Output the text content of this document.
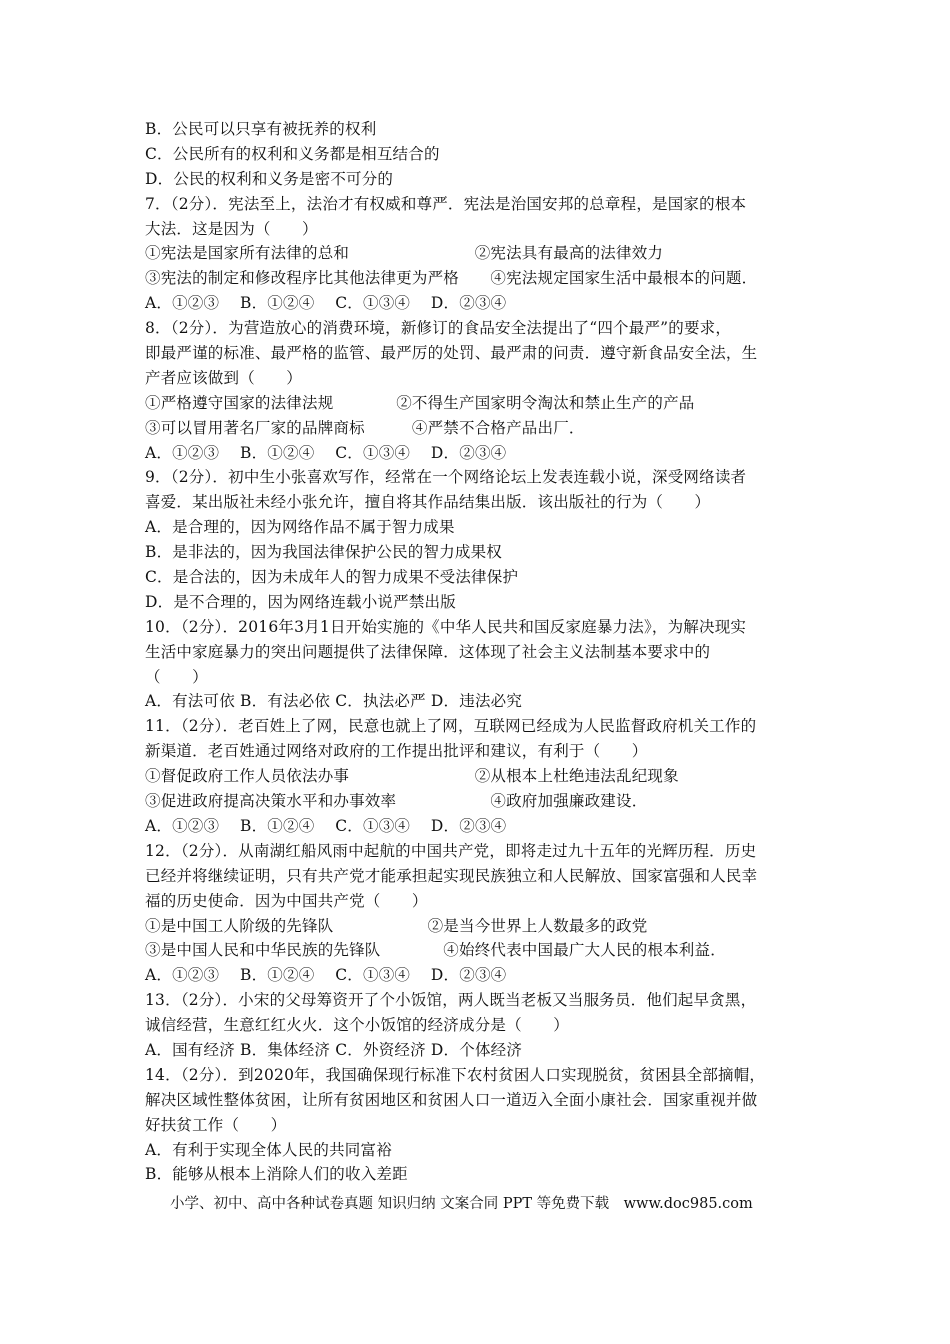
B．公民可以只享有被抚养的权利
C．公民所有的权利和义务都是相互结合的
D．公民的权利和义务是密不可分的
7．（2分）．宪法至上，法治才有权威和尊严．宪法是治国安邦的总章程，是国家的根本
大法．这是因为（　　）
①宪法是国家所有法律的总和　　　　　　　　②宪法具有最高的法律效力
③宪法的制定和修改程序比其他法律更为严格　　④宪法规定国家生活中最根本的问题．
A．①②③　 B．①②④　 C．①③④　 D．②③④
8．（2分）．为营造放心的消费环境，新修订的食品安全法提出了“四个最严”的要求，
即最严谨的标准、最严格的监管、最严厉的处罚、最严肃的问责．遵守新食品安全法，生
产者应该做到（　　）
①严格遵守国家的法律法规　　　　②不得生产国家明令淘汰和禁止生产的产品
③可以冒用著名厂家的品牌商标　　　④严禁不合格产品出厂．
A．①②③　 B．①②④　 C．①③④　 D．②③④
9．（2分）．初中生小张喜欢写作，经常在一个网络论坛上发表连载小说，深受网络读者
喜爱．某出版社未经小张允许，擅自将其作品结集出版．该出版社的行为（　　）
A．是合理的，因为网络作品不属于智力成果
B．是非法的，因为我国法律保护公民的智力成果权
C．是合法的，因为未成年人的智力成果不受法律保护
D．是不合理的，因为网络连载小说严禁出版
10．（2分）．2016年3月1日开始实施的《中华人民共和国反家庭暴力法》，为解决现实
生活中家庭暴力的突出问题提供了法律保障．这体现了社会主义法制基本要求中的
（　　）
A．有法可依 B．有法必依 C．执法必严 D．违法必究
11．（2分）．老百姓上了网，民意也就上了网，互联网已经成为人民监督政府机关工作的
新渠道．老百姓通过网络对政府的工作提出批评和建议，有利于（　　）
①督促政府工作人员依法办事　　　　　　　　②从根本上杜绝违法乱纪现象
③促进政府提高决策水平和办事效率　　　　　　④政府加强廉政建设．
A．①②③　 B．①②④　 C．①③④　 D．②③④
12．（2分）．从南湖红船风雨中起航的中国共产党，即将走过九十五年的光辉历程．历史
已经并将继续证明，只有共产党才能承担起实现民族独立和人民解放、国家富强和人民幸
福的历史使命．因为中国共产党（　　）
①是中国工人阶级的先锋队　　　　　　②是当今世界上人数最多的政党
③是中国人民和中华民族的先锋队　　　　④始终代表中国最广大人民的根本利益．
A．①②③　 B．①②④　 C．①③④　 D．②③④
13．（2分）．小宋的父母筹资开了个小饭馆，两人既当老板又当服务员．他们起早贪黑，
诚信经营，生意红红火火．这个小饭馆的经济成分是（　　）
A．国有经济 B．集体经济 C．外资经济 D．个体经济
14．（2分）．到2020年，我国确保现行标准下农村贫困人口实现脱贫，贫困县全部摘帽，
解决区域性整体贫困，让所有贫困地区和贫困人口一道迈入全面小康社会．国家重视并做
好扶贫工作（　　）
A．有利于实现全体人民的共同富裕
B．能够从根本上消除人们的收入差距
小学、初中、高中各种试卷真题 知识归纳 文案合同 PPT 等免费下载　www.doc985.com
